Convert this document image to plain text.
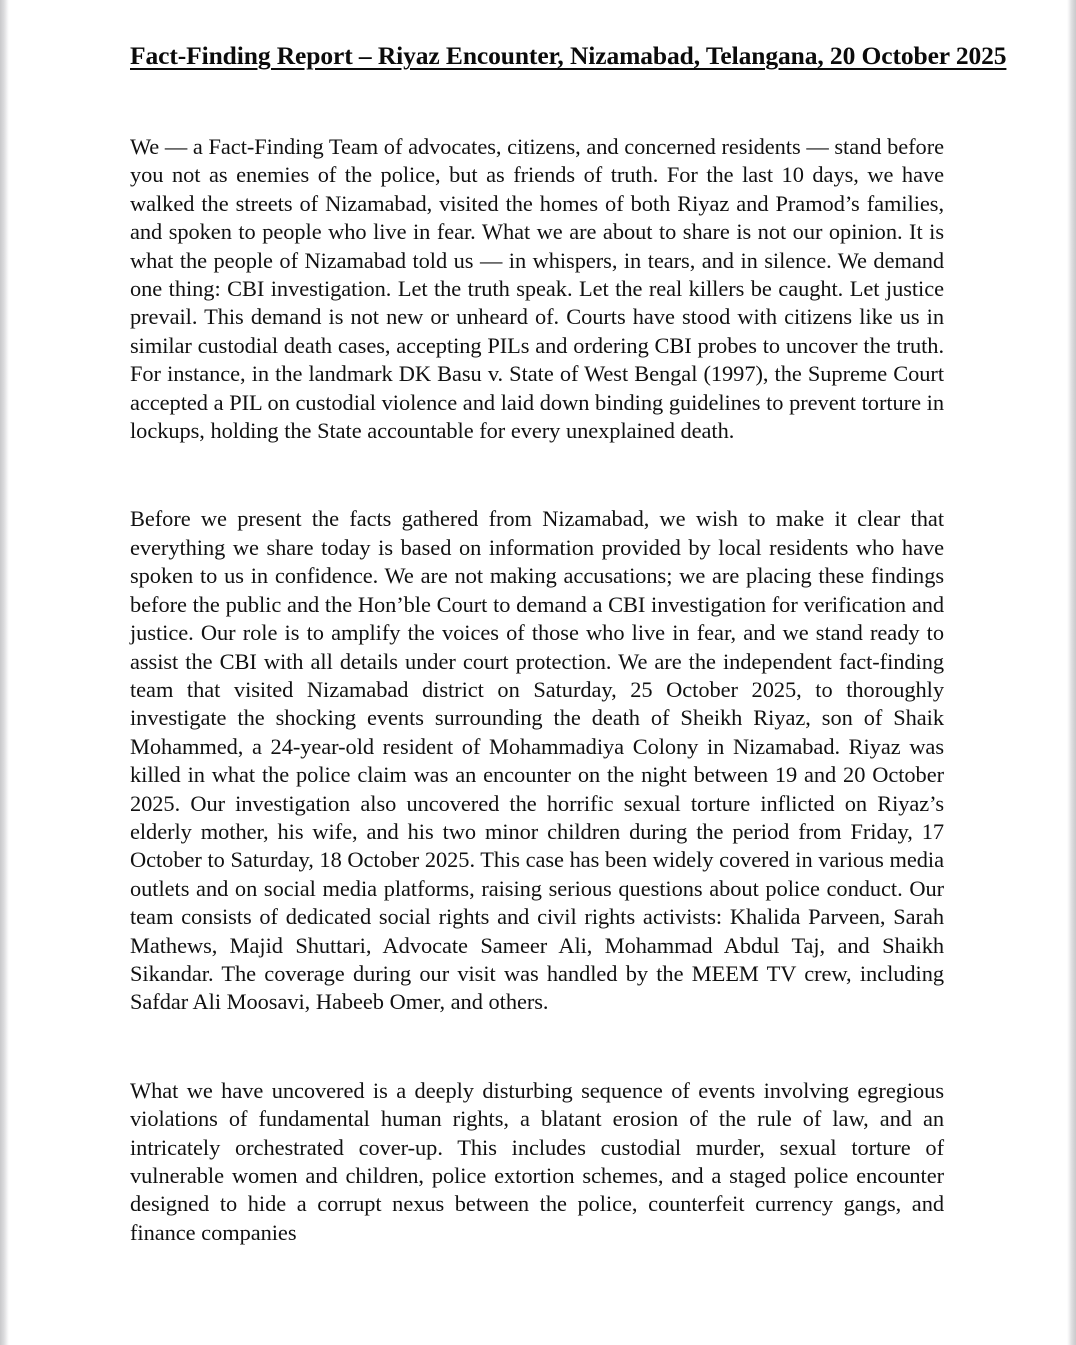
Fact-Finding Report – Riyaz Encounter, Nizamabad, Telangana, 20 October 2025

We — a Fact-Finding Team of advocates, citizens, and concerned residents — stand before you not as enemies of the police, but as friends of truth. For the last 10 days, we have walked the streets of Nizamabad, visited the homes of both Riyaz and Pramod’s families, and spoken to people who live in fear. What we are about to share is not our opinion. It is what the people of Nizamabad told us — in whispers, in tears, and in silence. We demand one thing: CBI investigation. Let the truth speak. Let the real killers be caught. Let justice prevail. This demand is not new or unheard of. Courts have stood with citizens like us in similar custodial death cases, accepting PILs and ordering CBI probes to uncover the truth. For instance, in the landmark DK Basu v. State of West Bengal (1997), the Supreme Court accepted a PIL on custodial violence and laid down binding guidelines to prevent torture in lockups, holding the State accountable for every unexplained death.

Before we present the facts gathered from Nizamabad, we wish to make it clear that everything we share today is based on information provided by local residents who have spoken to us in confidence. We are not making accusations; we are placing these findings before the public and the Hon’ble Court to demand a CBI investigation for verification and justice. Our role is to amplify the voices of those who live in fear, and we stand ready to assist the CBI with all details under court protection. We are the independent fact-finding team that visited Nizamabad district on Saturday, 25 October 2025, to thoroughly investigate the shocking events surrounding the death of Sheikh Riyaz, son of Shaik Mohammed, a 24-year-old resident of Mohammadiya Colony in Nizamabad. Riyaz was killed in what the police claim was an encounter on the night between 19 and 20 October 2025. Our investigation also uncovered the horrific sexual torture inflicted on Riyaz’s elderly mother, his wife, and his two minor children during the period from Friday, 17 October to Saturday, 18 October 2025. This case has been widely covered in various media outlets and on social media platforms, raising serious questions about police conduct. Our team consists of dedicated social rights and civil rights activists: Khalida Parveen, Sarah Mathews, Majid Shuttari, Advocate Sameer Ali, Mohammad Abdul Taj, and Shaikh Sikandar. The coverage during our visit was handled by the MEEM TV crew, including Safdar Ali Moosavi, Habeeb Omer, and others.

What we have uncovered is a deeply disturbing sequence of events involving egregious violations of fundamental human rights, a blatant erosion of the rule of law, and an intricately orchestrated cover-up. This includes custodial murder, sexual torture of vulnerable women and children, police extortion schemes, and a staged police encounter designed to hide a corrupt nexus between the police, counterfeit currency gangs, and finance companies
